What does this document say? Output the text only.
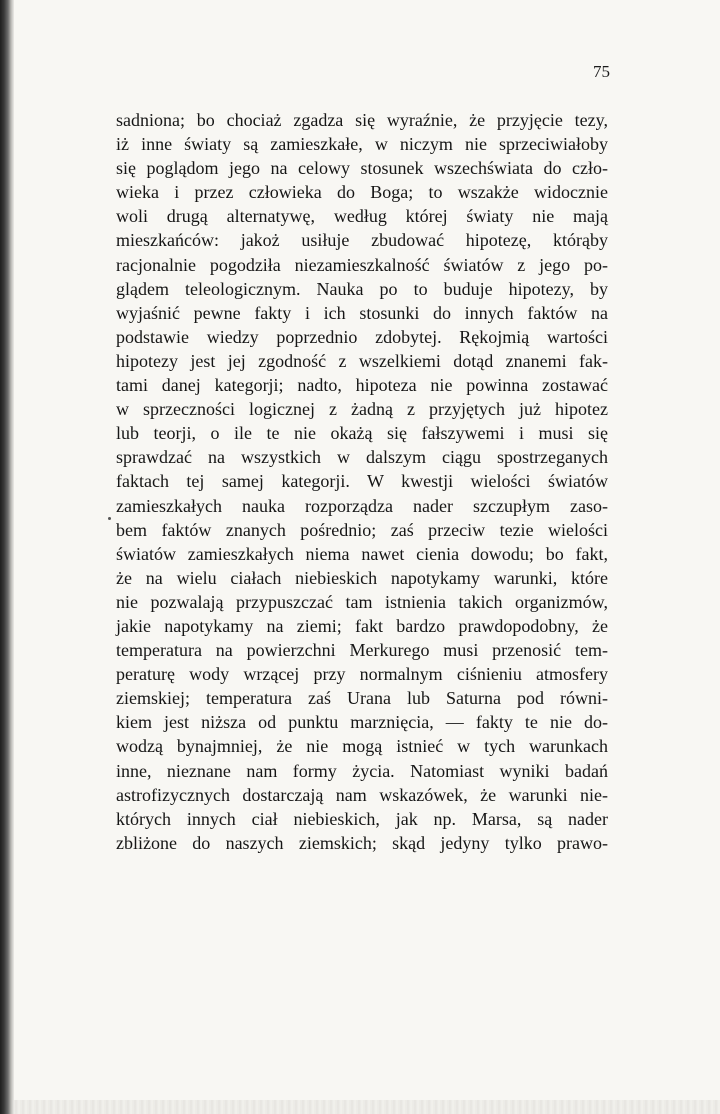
75
sadniona; bo chociaż zgadza się wyraźnie, że przyjęcie tezy,
iż inne światy są zamieszkałe, w niczym nie sprzeciwiałoby
się poglądom jego na celowy stosunek wszechświata do czło-
wieka i przez człowieka do Boga; to wszakże widocznie
woli drugą alternatywę, według której światy nie mają
mieszkańców: jakoż usiłuje zbudować hipotezę, którąby
racjonalnie pogodziła niezamieszkalność światów z jego po-
glądem teleologicznym. Nauka po to buduje hipotezy, by
wyjaśnić pewne fakty i ich stosunki do innych faktów na
podstawie wiedzy poprzednio zdobytej. Rękojmią wartości
hipotezy jest jej zgodność z wszelkiemi dotąd znanemi fak-
tami danej kategorji; nadto, hipoteza nie powinna zostawać
w sprzeczności logicznej z żadną z przyjętych już hipotez
lub teorji, o ile te nie okażą się fałszywemi i musi się
sprawdzać na wszystkich w dalszym ciągu spostrzeganych
faktach tej samej kategorji. W kwestji wielości światów
zamieszkałych nauka rozporządza nader szczupłym zaso-
bem faktów znanych pośrednio; zaś przeciw tezie wielości
światów zamieszkałych niema nawet cienia dowodu; bo fakt,
że na wielu ciałach niebieskich napotykamy warunki, które
nie pozwalają przypuszczać tam istnienia takich organizmów,
jakie napotykamy na ziemi; fakt bardzo prawdopodobny, że
temperatura na powierzchni Merkurego musi przenosić tem-
peraturę wody wrzącej przy normalnym ciśnieniu atmosfery
ziemskiej; temperatura zaś Urana lub Saturna pod równi-
kiem jest niższa od punktu marznięcia, — fakty te nie do-
wodzą bynajmniej, że nie mogą istnieć w tych warunkach
inne, nieznane nam formy życia. Natomiast wyniki badań
astrofizycznych dostarczają nam wskazówek, że warunki nie-
których innych ciał niebieskich, jak np. Marsa, są nader
zbliżone do naszych ziemskich; skąd jedyny tylko prawo-
